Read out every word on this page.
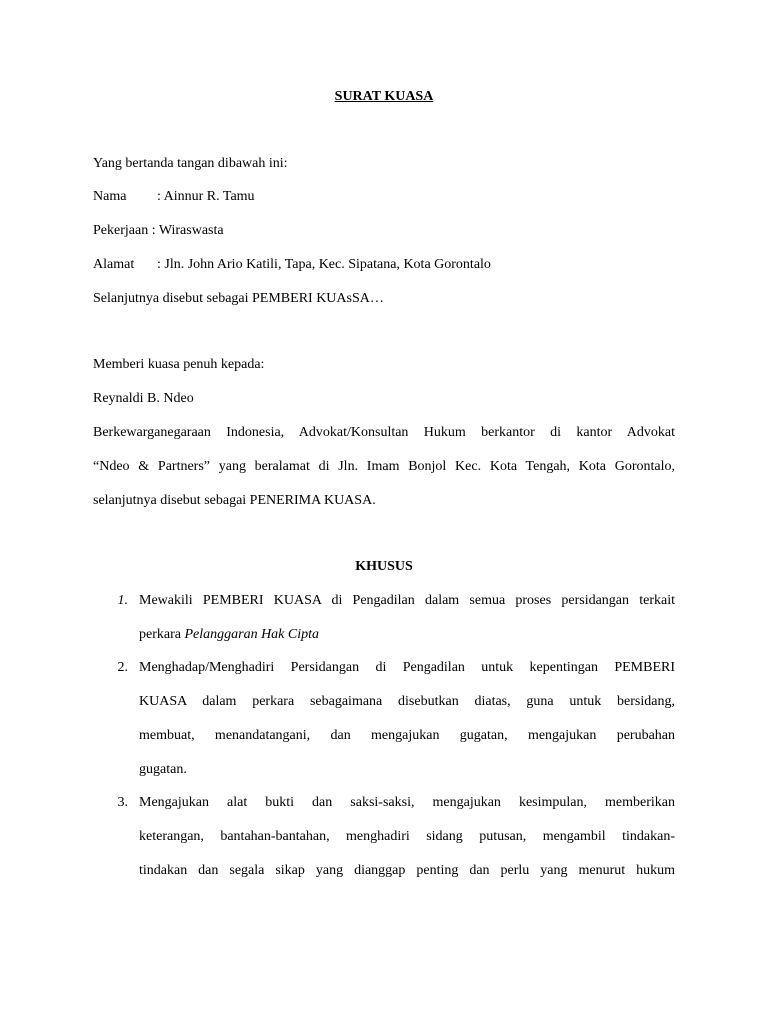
SURAT KUASA
Yang bertanda tangan dibawah ini:
Nama : Ainnur R. Tamu
Pekerjaan : Wiraswasta
Alamat : Jln. John Ario Katili, Tapa, Kec. Sipatana, Kota Gorontalo
Selanjutnya disebut sebagai PEMBERI KUAsSA…
Memberi kuasa penuh kepada:
Reynaldi B. Ndeo
Berkewarganegaraan Indonesia, Advokat/Konsultan Hukum berkantor di kantor Advokat
“Ndeo & Partners” yang beralamat di Jln. Imam Bonjol Kec. Kota Tengah, Kota Gorontalo,
selanjutnya disebut sebagai PENERIMA KUASA.
KHUSUS
1. Mewakili PEMBERI KUASA di Pengadilan dalam semua proses persidangan terkait
perkara Pelanggaran Hak Cipta
2. Menghadap/Menghadiri Persidangan di Pengadilan untuk kepentingan PEMBERI
KUASA dalam perkara sebagaimana disebutkan diatas, guna untuk bersidang,
membuat, menandatangani, dan mengajukan gugatan, mengajukan perubahan
gugatan.
3. Mengajukan alat bukti dan saksi-saksi, mengajukan kesimpulan, memberikan
keterangan, bantahan-bantahan, menghadiri sidang putusan, mengambil tindakan-
tindakan dan segala sikap yang dianggap penting dan perlu yang menurut hukum
